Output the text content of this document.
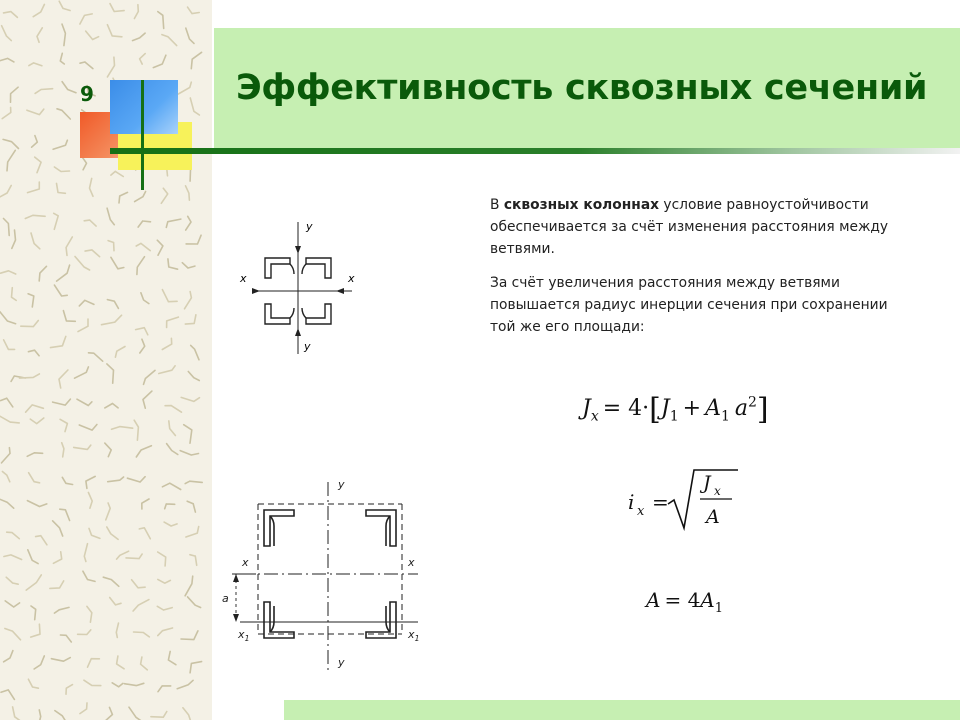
9	Эффективность сквозных сечений
В сквозных колоннах условие равноустойчивости обеспечивается за счёт изменения расстояния между ветвями.
За счёт увеличения расстояния между ветвями повышается радиус инерции сечения при сохранении той же его площади:
y
y
x	x
y
y
x	x
$x_1$	$x_1$
a
$J_x = 4\cdot[J_1 + A_1$ $a^2$]
i x =
J x
A
$A = 4A_1$
